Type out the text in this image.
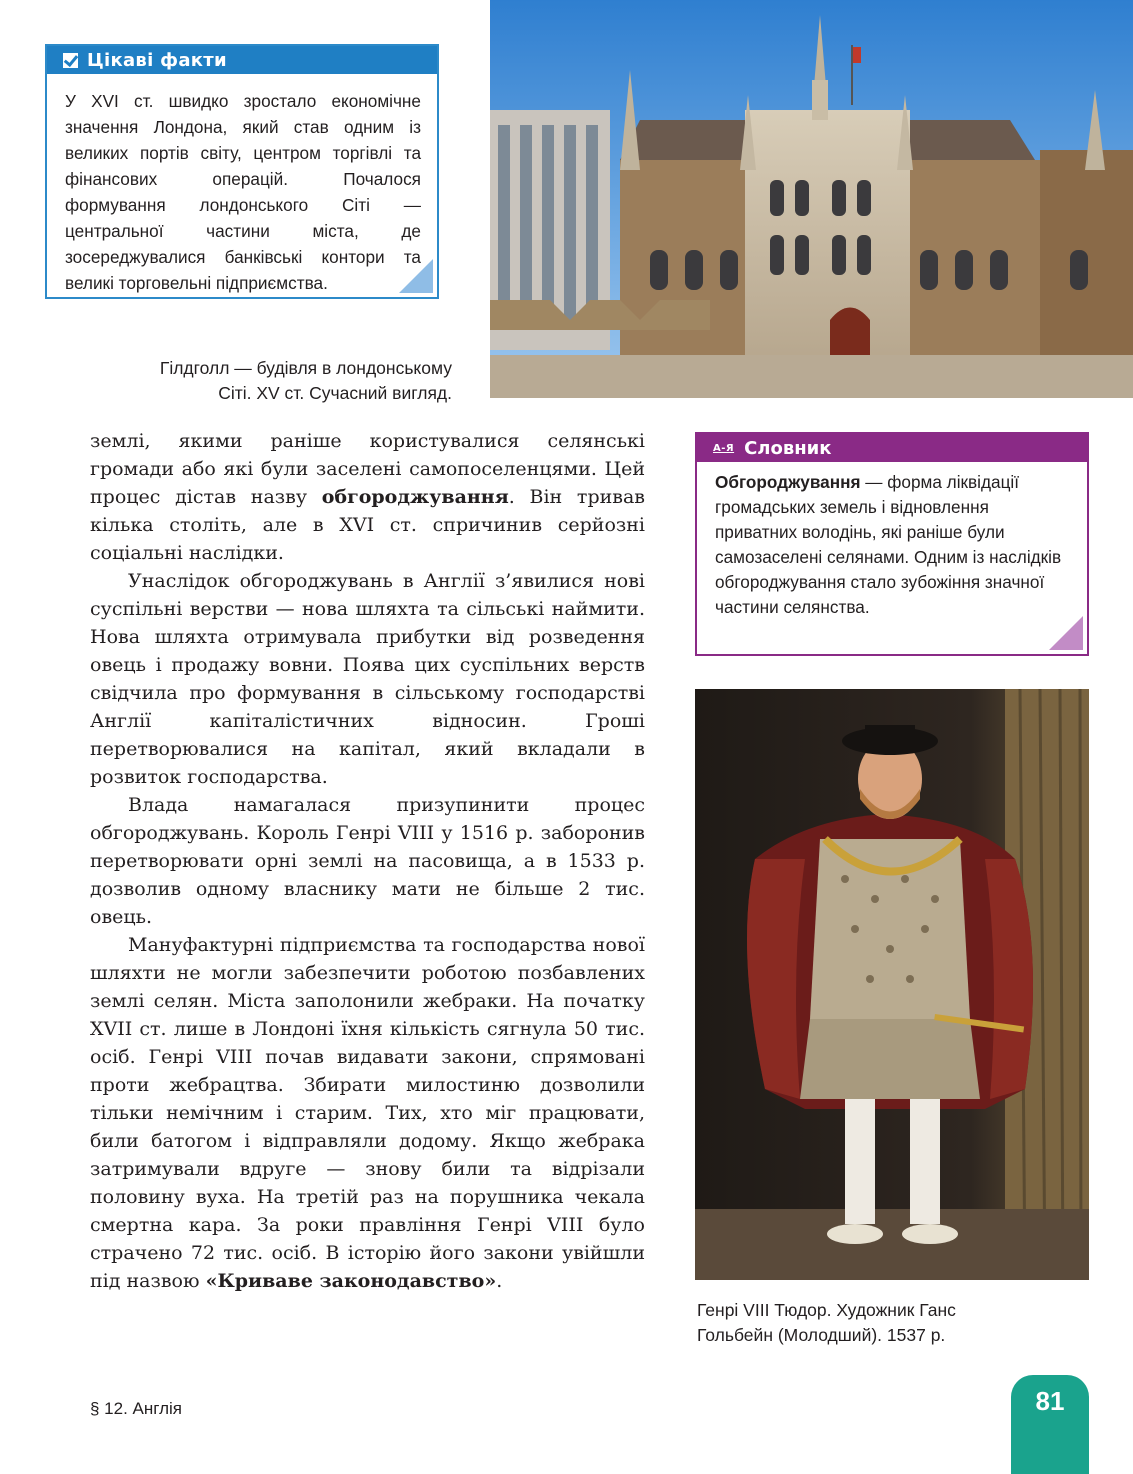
Цікаві факти
У XVI ст. швидко зростало економічне значення Лондона, який став одним із великих портів світу, центром торгівлі та фінансових операцій. Почалося формування лондонського Сіті — центральної частини міста, де зосереджувалися банківські контори та великі торговельні підприємства.
Гілдголл — будівля в лондонському
Сіті. XV ст. Сучасний вигляд.

землі, якими раніше користувалися селянські громади або які були заселені самопоселенцями. Цей процес дістав назву обгороджування. Він тривав кілька століть, але в XVI ст. спричинив серйозні соціальні наслідки.

Унаслідок обгороджувань в Англії з’явилися нові суспільні верстви — нова шляхта та сільські наймити. Нова шляхта отримувала прибутки від розведення овець і продажу вовни. Поява цих суспільних верств свідчила про формування в сільському господарстві Англії капіталістичних відносин. Гроші перетворювалися на капітал, який вкладали в розвиток господарства.

Влада намагалася призупинити процес обгороджувань. Король Генрі VIII у 1516 р. заборонив перетворювати орні землі на пасовища, а в 1533 р. дозволив одному власнику мати не більше 2 тис. овець.

Мануфактурні підприємства та господарства нової шляхти не могли забезпечити роботою позбавлених землі селян. Міста заполонили жебраки. На початку XVII ст. лише в Лондоні їхня кількість сягнула 50 тис. осіб. Генрі VIII почав видавати закони, спрямовані проти жебрацтва. Збирати милостиню дозволили тільки немічним і старим. Тих, хто міг працювати, били батогом і відправляли додому. Якщо жебрака затримували вдруге — знову били та відрізали половину вуха. На третій раз на порушника чекала смертна кара. За роки правління Генрі VIII було страчено 72 тис. осіб. В історію його закони увійшли під назвою «Криваве законодавство».

А-Я Словник
Обгороджування — форма ліквідації громадських земель і відновлення приватних володінь, які раніше були самозаселені селянами. Одним із наслідків обгороджування стало зубожіння значної частини селянства.
Генрі VIII Тюдор. Художник Ганс
Гольбейн (Молодший). 1537 р.
§ 12. Англія	81
